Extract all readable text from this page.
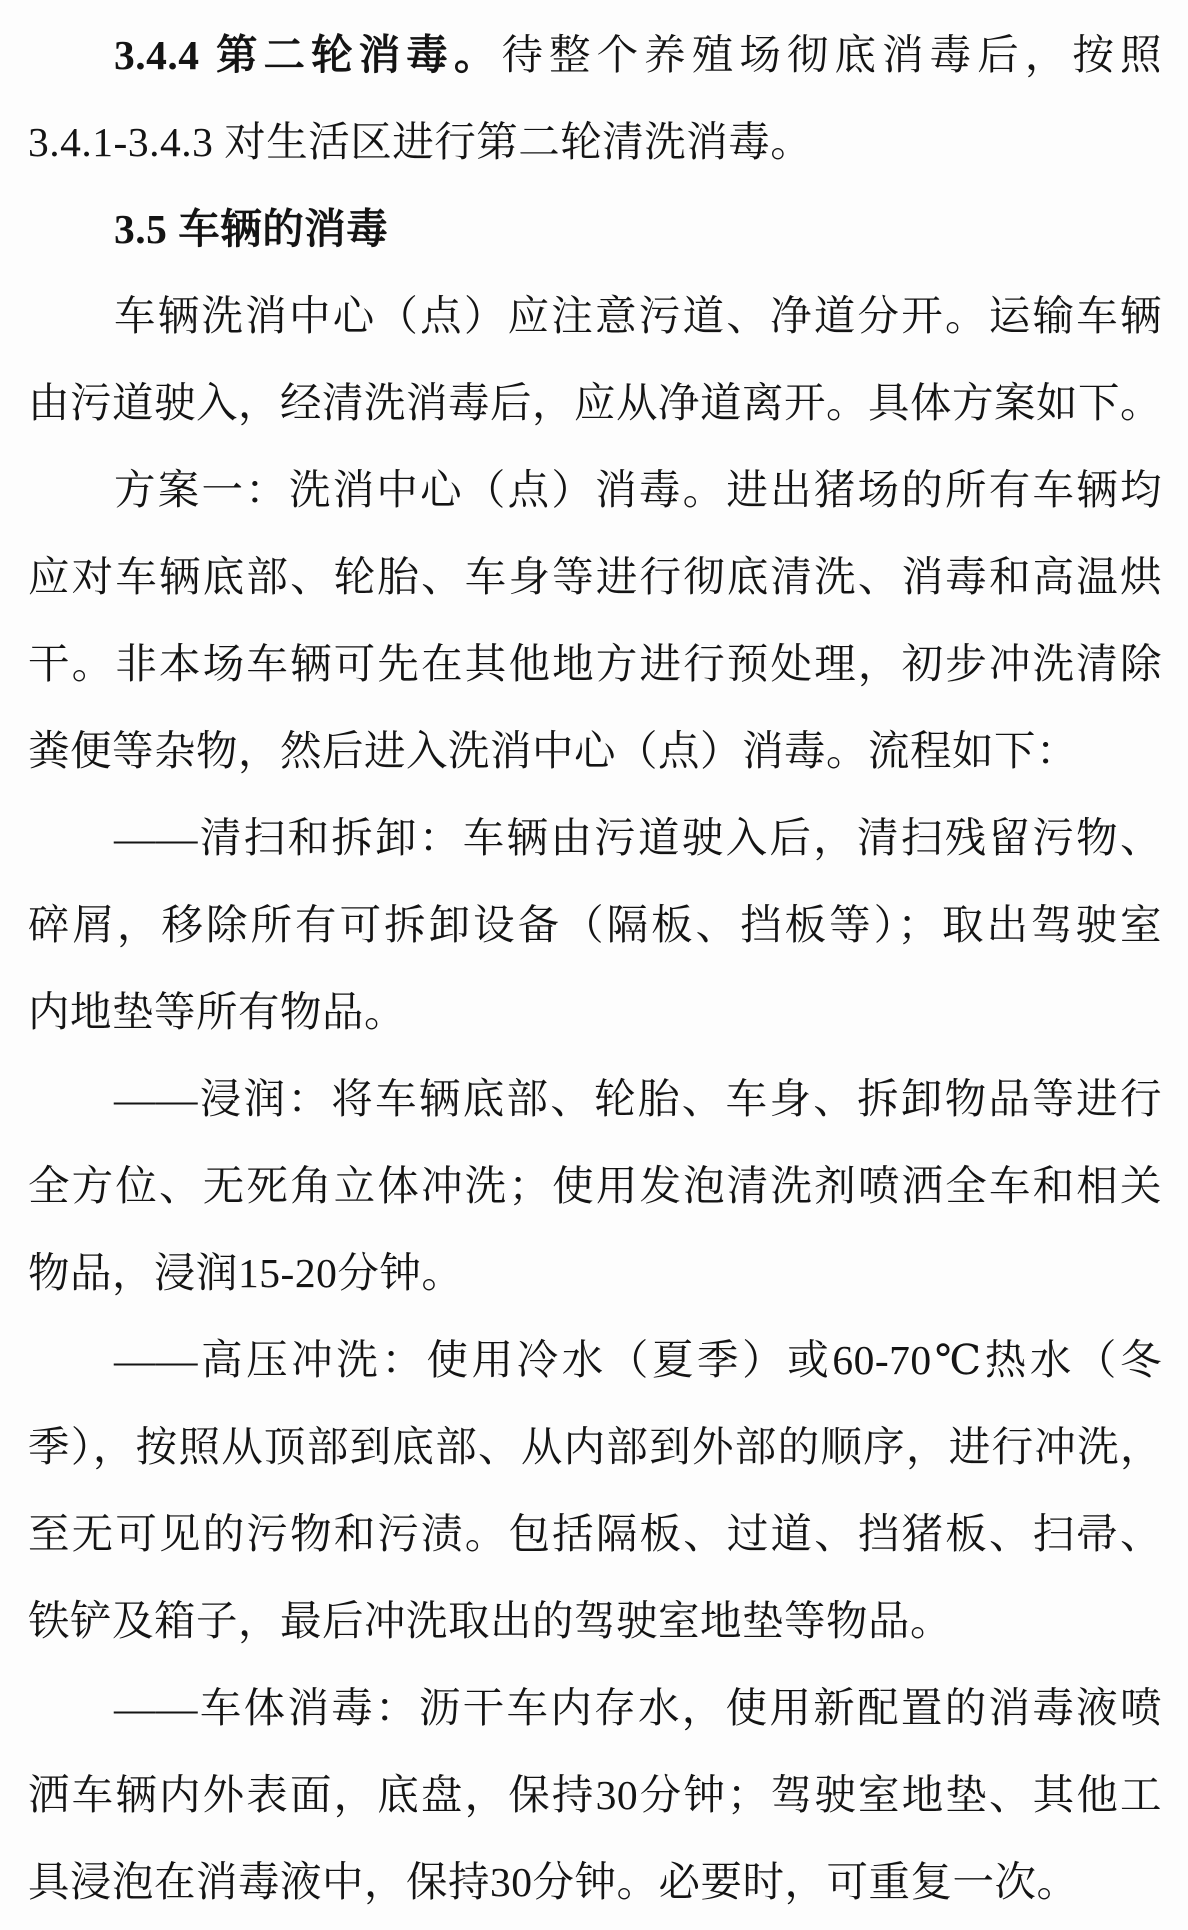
3.4.4 第二轮消毒。待整个养殖场彻底消毒后，按照
3.4.1-3.4.3 对生活区进行第二轮清洗消毒。
3.5 车辆的消毒
车辆洗消中心（点）应注意污道、净道分开。运输车辆
由污道驶入，经清洗消毒后，应从净道离开。具体方案如下。
方案一：洗消中心（点）消毒。进出猪场的所有车辆均
应对车辆底部、轮胎、车身等进行彻底清洗、消毒和高温烘
干。非本场车辆可先在其他地方进行预处理，初步冲洗清除
粪便等杂物，然后进入洗消中心（点）消毒。流程如下：
——清扫和拆卸：车辆由污道驶入后，清扫残留污物、
碎屑，移除所有可拆卸设备（隔板、挡板等）；取出驾驶室
内地垫等所有物品。
——浸润：将车辆底部、轮胎、车身、拆卸物品等进行
全方位、无死角立体冲洗；使用发泡清洗剂喷洒全车和相关
物品，浸润15-20分钟。
——高压冲洗：使用冷水（夏季）或60-70℃热水（冬
季），按照从顶部到底部、从内部到外部的顺序，进行冲洗，
至无可见的污物和污渍。包括隔板、过道、挡猪板、扫帚、
铁铲及箱子，最后冲洗取出的驾驶室地垫等物品。
——车体消毒：沥干车内存水，使用新配置的消毒液喷
洒车辆内外表面，底盘，保持30分钟；驾驶室地垫、其他工
具浸泡在消毒液中，保持30分钟。必要时，可重复一次。
